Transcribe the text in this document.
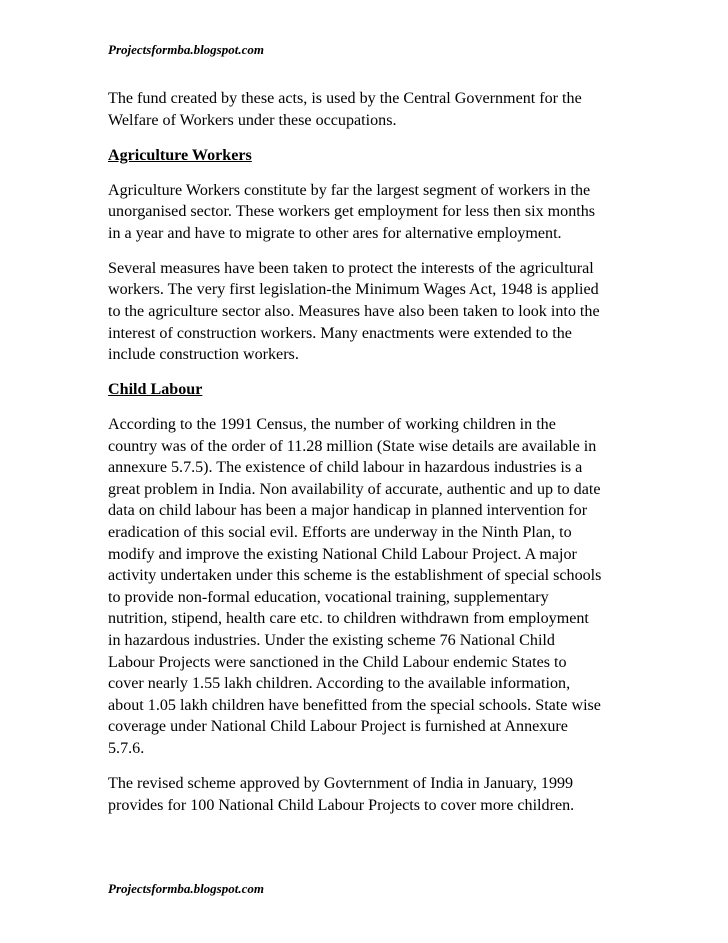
Projectsformba.blogspot.com

The fund created by these acts, is used by the Central Government for the
Welfare of Workers under these occupations.

Agriculture Workers

Agriculture Workers constitute by far the largest segment of workers in the
unorganised sector. These workers get employment for less then six months
in a year and have to migrate to other ares for alternative employment.

Several measures have been taken to protect the interests of the agricultural
workers. The very first legislation-the Minimum Wages Act, 1948 is applied
to the agriculture sector also. Measures have also been taken to look into the
interest of construction workers. Many enactments were extended to the
include construction workers.

Child Labour

According to the 1991 Census, the number of working children in the
country was of the order of 11.28 million (State wise details are available in
annexure 5.7.5). The existence of child labour in hazardous industries is a
great problem in India. Non availability of accurate, authentic and up to date
data on child labour has been a major handicap in planned intervention for
eradication of this social evil. Efforts are underway in the Ninth Plan, to
modify and improve the existing National Child Labour Project. A major
activity undertaken under this scheme is the establishment of special schools
to provide non-formal education, vocational training, supplementary
nutrition, stipend, health care etc. to children withdrawn from employment
in hazardous industries. Under the existing scheme 76 National Child
Labour Projects were sanctioned in the Child Labour endemic States to
cover nearly 1.55 lakh children. According to the available information,
about 1.05 lakh children have benefitted from the special schools. State wise
coverage under National Child Labour Project is furnished at Annexure
5.7.6.

The revised scheme approved by Govternment of India in January, 1999
provides for 100 National Child Labour Projects to cover more children.

Projectsformba.blogspot.com
